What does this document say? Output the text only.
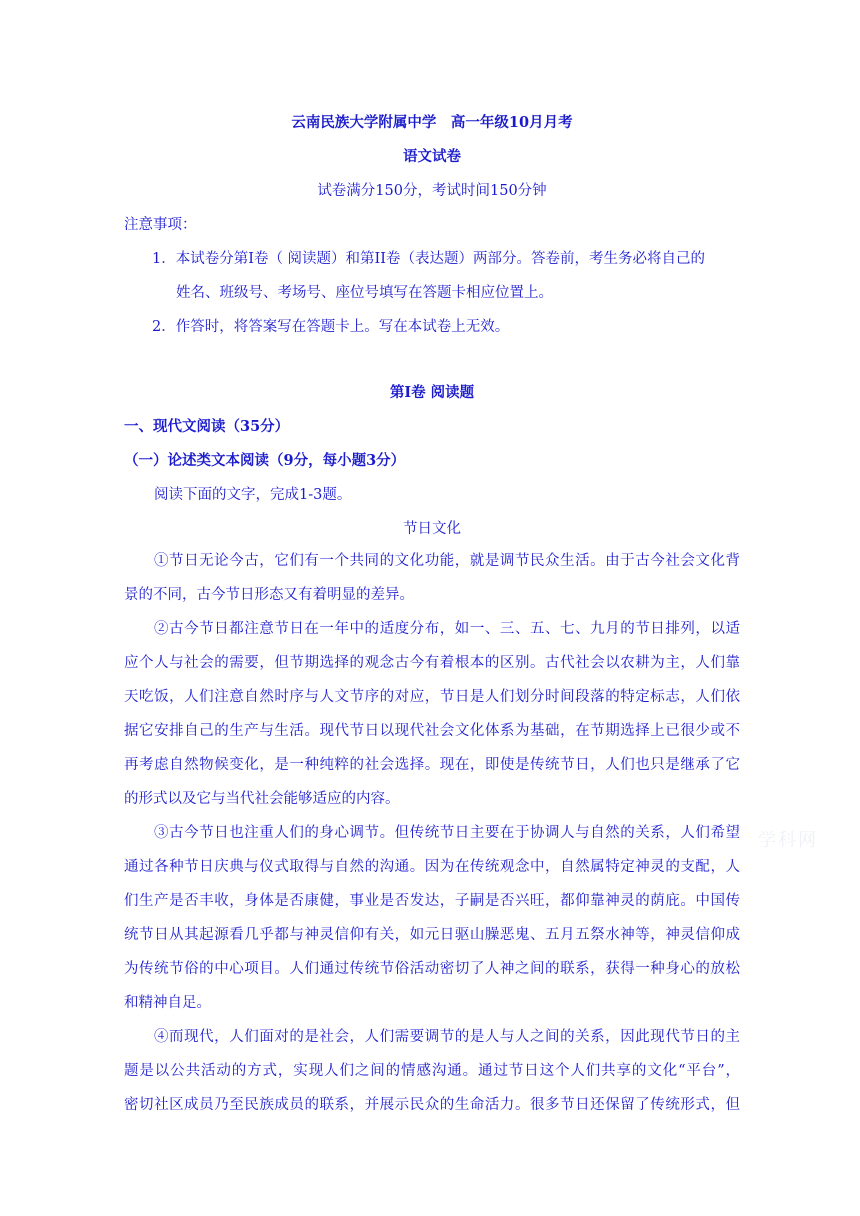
云南民族大学附属中学　高一年级10月月考
语文试卷
试卷满分150分，考试时间150分钟
注意事项：
1．本试卷分第I卷（ 阅读题）和第II卷（表达题）两部分。答卷前，考生务必将自己的
姓名、班级号、考场号、座位号填写在答题卡相应位置上。
2．作答时，将答案写在答题卡上。写在本试卷上无效。
第Ⅰ卷 阅读题
一、现代文阅读（35分）
（一）论述类文本阅读（9分，每小题3分）
阅读下面的文字，完成1-3题。
节日文化
①节日无论今古，它们有一个共同的文化功能，就是调节民众生活。由于古今社会文化背
景的不同，古今节日形态又有着明显的差异。
②古今节日都注意节日在一年中的适度分布，如一、三、五、七、九月的节日排列，以适
应个人与社会的需要，但节期选择的观念古今有着根本的区别。古代社会以农耕为主，人们靠
天吃饭，人们注意自然时序与人文节序的对应，节日是人们划分时间段落的特定标志，人们依
据它安排自己的生产与生活。现代节日以现代社会文化体系为基础，在节期选择上已很少或不
再考虑自然物候变化，是一种纯粹的社会选择。现在，即使是传统节日，人们也只是继承了它
的形式以及它与当代社会能够适应的内容。
③古今节日也注重人们的身心调节。但传统节日主要在于协调人与自然的关系，人们希望
通过各种节日庆典与仪式取得与自然的沟通。因为在传统观念中，自然属特定神灵的支配，人
们生产是否丰收，身体是否康健，事业是否发达，子嗣是否兴旺，都仰靠神灵的荫庇。中国传
统节日从其起源看几乎都与神灵信仰有关，如元日驱山臊恶鬼、五月五祭水神等，神灵信仰成
为传统节俗的中心项目。人们通过传统节俗活动密切了人神之间的联系，获得一种身心的放松
和精神自足。
④而现代，人们面对的是社会，人们需要调节的是人与人之间的关系，因此现代节日的主
题是以公共活动的方式，实现人们之间的情感沟通。通过节日这个人们共享的文化“平台”，
密切社区成员乃至民族成员的联系，并展示民众的生命活力。很多节日还保留了传统形式，但
学科网
